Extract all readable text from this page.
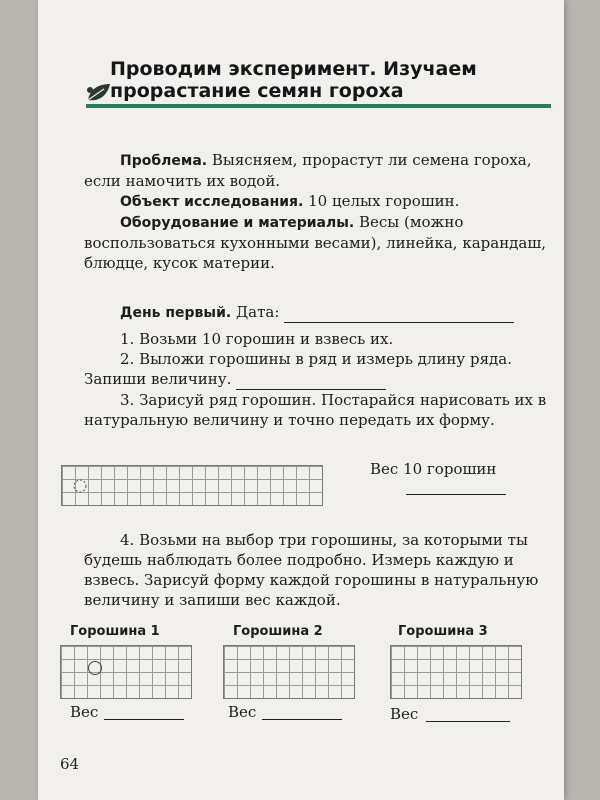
Проводим эксперимент. Изучаем
прорастание семян гороха

Проблема. Выясняем, прорастут ли семена гороха, если намочить их водой.

Объект исследования. 10 целых горошин.

Оборудование и материалы. Весы (можно воспользоваться кухонными весами), линейка, карандаш, блюдце, кусок материи.

День первый. Дата:

1. Возьми 10 горошин и взвесь их.

2. Выложи горошины в ряд и измерь длину ряда. Запиши величину.

3. Зарисуй ряд горошин. Постарайся нарисовать их в натуральную величину и точно передать их форму.

Вес 10 горошин

4. Возьми на выбор три горошины, за которыми ты будешь наблюдать более подробно. Измерь каждую и взвесь. Зарисуй форму каждой горошины в натуральную величину и запиши вес каждой.

Горошина 1	Горошина 2	Горошина 3
Вес	Вес	Вес
64
